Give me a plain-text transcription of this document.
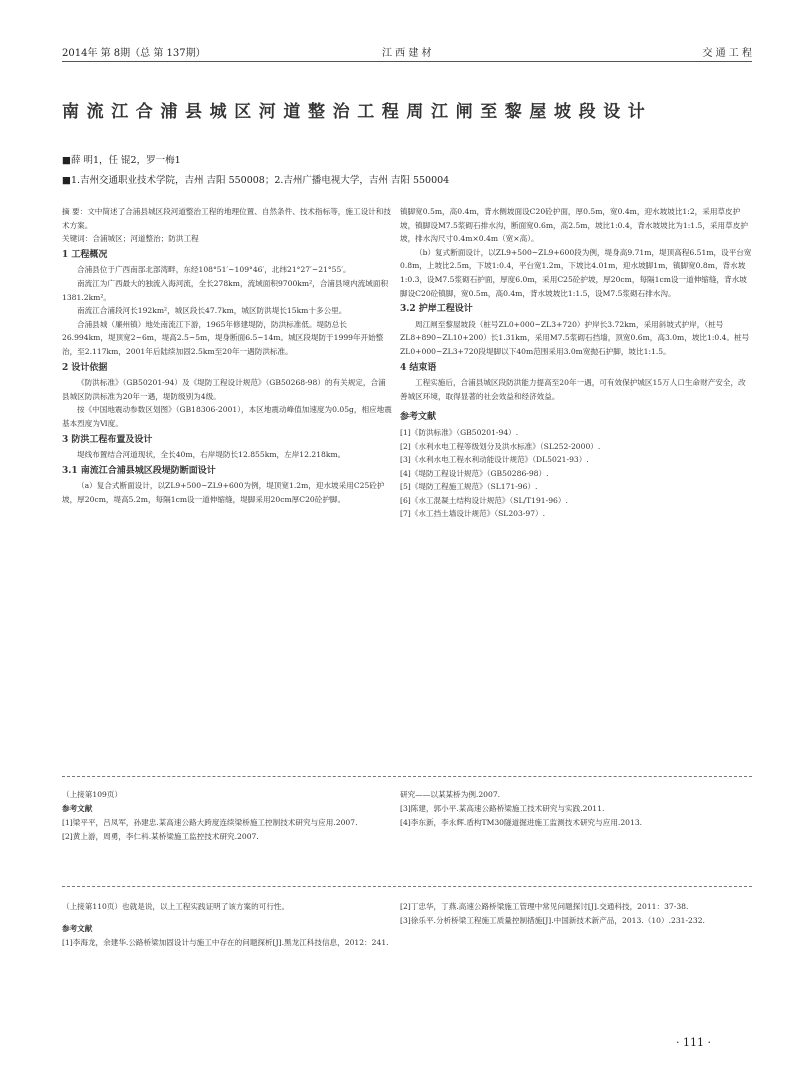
2014年 第 8期（总 第 137期）	江 西 建 材	交 通 工 程
南流江合浦县城区河道整治工程周江闸至黎屋坡段设计
■薛 明1，任 锟2，罗一梅1
■1.吉州交通职业技术学院，吉州 吉阳 550008；2.吉州广播电视大学，吉州 吉阳 550004

摘 要：文中简述了合浦县城区段河道整治工程的地理位置、自然条件、技术指标等，施工设计和技术方案。

关键词：合浦城区；河道整治；防洪工程

1 工程概况

合浦县位于广西南部北部湾畔，东经108°51′~109°46′，北纬21°27′~21°55′。

南流江为广西最大的独流入海河流，全长278km，流域面积9700km²，合浦县境内流域面积1381.2km²。

南流江合浦段河长192km²，城区段长47.7km，城区防洪堤长15km十多公里。

合浦县城（廉州镇）地处南流江下游，1965年修建堤防，防洪标准低。堤防总长26.994km，堤顶宽2~6m，堤高2.5~5m，堤身断面6.5~14m。城区段堤防于1999年开始整治，至2.117km，2001年后陆续加固2.5km至20年一遇防洪标准。

2 设计依据

《防洪标准》（GB50201-94）及《堤防工程设计规范》（GB50268-98）的有关规定，合浦县城区防洪标准为20年一遇，堤防级别为4级。

按《中国地震动参数区划图》（GB18306-2001），本区地震动峰值加速度为0.05g，相应地震基本烈度为Ⅵ度。

3 防洪工程布置及设计

堤线布置结合河道现状，全长40m，右岸堤防长12.855km，左岸12.218km。

3.1 南流江合浦县城区段堤防断面设计

（a）复合式断面设计，以ZL9+500~ZL9+600为例，堤顶宽1.2m，迎水坡采用C25砼护坡，厚20cm，堤高5.2m，每隔1cm设一道伸缩缝，堤脚采用20cm厚C20砼护脚。

镇脚宽0.5m，高0.4m，背水侧坡面设C20砼护面，厚0.5m，宽0.4m，迎水坡坡比1:2，采用草皮护坡，镇脚设M7.5浆砌石排水沟，断面宽0.6m，高2.5m，坡比1:0.4，背水坡坡比为1:1.5，采用草皮护坡，排水沟尺寸0.4m×0.4m（宽×高）。

（b）复式断面设计，以ZL9+500~ZL9+600段为例，堤身高9.71m，堤顶高程6.51m，设平台宽0.8m，上坡比2.5m，下坡1:0.4，平台宽1.2m，下坡比4.01m，迎水坡脚1m，镇脚宽0.8m，背水坡1:0.3，设M7.5浆砌石护面，厚度6.0m，采用C25砼护坡，厚20cm，每隔1cm设一道伸缩缝，背水坡脚设C20砼镇脚，宽0.5m，高0.4m，背水坡坡比1:1.5，设M7.5浆砌石排水沟。

3.2 护岸工程设计

周江闸至黎屋坡段（桩号ZL0+000~ZL3+720）护岸长3.72km，采用斜坡式护岸，（桩号ZL8+890~ZL10+200）长1.31km，采用M7.5浆砌石挡墙，顶宽0.6m，高3.0m，坡比1:0.4。桩号ZL0+000~ZL3+720段堤脚以下40m范围采用3.0m宽抛石护脚，坡比1:1.5。

4 结束语

工程实施后，合浦县城区段防洪能力提高至20年一遇，可有效保护城区15万人口生命财产安全，改善城区环境，取得显著的社会效益和经济效益。

参考文献

[1]《防洪标准》（GB50201-94）.

[2]《水利水电工程等级划分及洪水标准》（SL252-2000）.

[3]《水利水电工程水利动能设计规范》（DL5021-93）.

[4]《堤防工程设计规范》（GB50286-98）.

[5]《堤防工程施工规范》（SL171-96）.

[6]《水工混凝土结构设计规范》（SL/T191-96）.

[7]《水工挡土墙设计规范》（SL203-97）.

（上接第109页）

参考文献

[1]梁平平，吕凤军，孙建忠.某高速公路大跨度连续梁桥施工控制技术研究与应用.2007.

[2]黄上游，周勇，李仁科.某桥梁施工监控技术研究.2007.

研究——以某某桥为例.2007.

[3]陈建，郭小平.某高速公路桥梁施工技术研究与实践.2011.

[4]李东新，李永辉.盾构TM30隧道掘进施工监测技术研究与应用.2013.

（上接第110页）也就是说，以上工程实践证明了该方案的可行性。

参考文献

[1]李海龙，余建华.公路桥梁加固设计与施工中存在的问题探析[J].黑龙江科技信息，2012：241.

[2]丁忠华，丁燕.高速公路桥梁施工管理中常见问题探讨[J].交通科技，2011：37-38.

[3]徐乐平.分析桥梁工程施工质量控制措施[J].中国新技术新产品，2013.（10）.231-232.

· 111 ·
